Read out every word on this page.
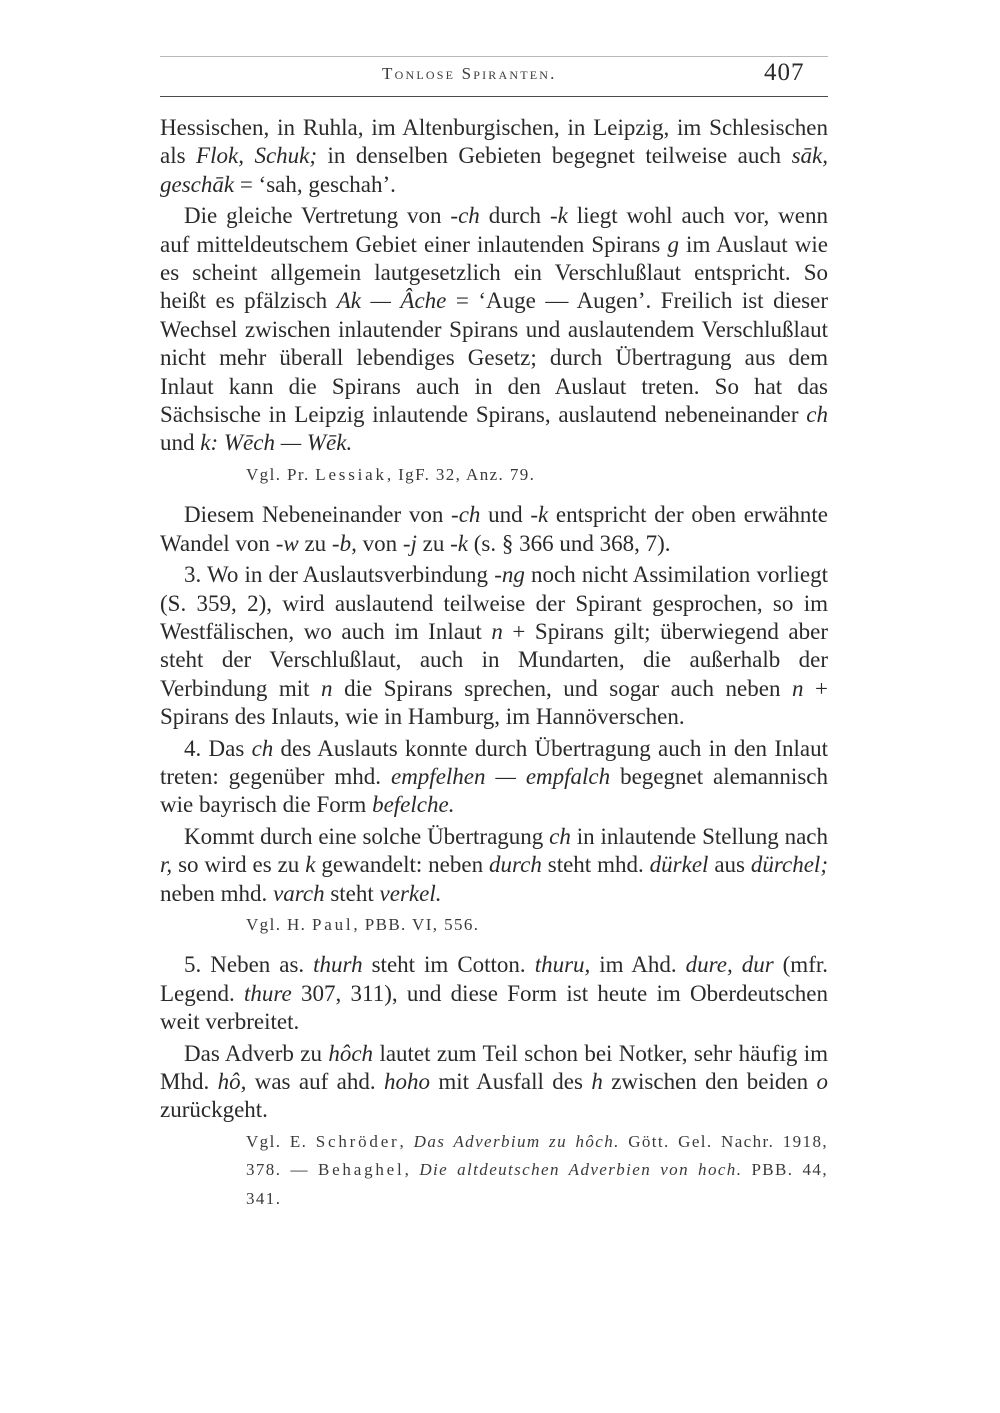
Tonlose Spiranten.	407

Hessischen, in Ruhla, im Altenburgischen, in Leipzig, im Schlesischen als Flok, Schuk; in denselben Gebieten begegnet teilweise auch sāk, geschāk = ‘sah, geschah’.

Die gleiche Vertretung von -ch durch -k liegt wohl auch vor, wenn auf mitteldeutschem Gebiet einer inlautenden Spirans g im Auslaut wie es scheint allgemein lautgesetzlich ein Verschlußlaut entspricht. So heißt es pfälzisch Ak — Âche = ‘Auge — Augen’. Freilich ist dieser Wechsel zwischen inlautender Spirans und auslautendem Verschlußlaut nicht mehr überall lebendiges Gesetz; durch Übertragung aus dem Inlaut kann die Spirans auch in den Auslaut treten. So hat das Sächsische in Leipzig inlautende Spirans, auslautend nebeneinander ch und k: Wēch — Wēk.

Vgl. Pr. Lessiak, IgF. 32, Anz. 79.

Diesem Nebeneinander von -ch und -k entspricht der oben erwähnte Wandel von -w zu -b, von -j zu -k (s. § 366 und 368, 7).

3. Wo in der Auslautsverbindung -ng noch nicht Assimilation vorliegt (S. 359, 2), wird auslautend teilweise der Spirant gesprochen, so im Westfälischen, wo auch im Inlaut n + Spirans gilt; überwiegend aber steht der Verschlußlaut, auch in Mundarten, die außerhalb der Verbindung mit n die Spirans sprechen, und sogar auch neben n + Spirans des Inlauts, wie in Hamburg, im Hannöverschen.

4. Das ch des Auslauts konnte durch Übertragung auch in den Inlaut treten: gegenüber mhd. empfelhen — empfalch begegnet alemannisch wie bayrisch die Form befelche.

Kommt durch eine solche Übertragung ch in inlautende Stellung nach r, so wird es zu k gewandelt: neben durch steht mhd. dürkel aus dürchel; neben mhd. varch steht verkel.

Vgl. H. Paul, PBB. VI, 556.

5. Neben as. thurh steht im Cotton. thuru, im Ahd. dure, dur (mfr. Legend. thure 307, 311), und diese Form ist heute im Oberdeutschen weit verbreitet.

Das Adverb zu hôch lautet zum Teil schon bei Notker, sehr häufig im Mhd. hô, was auf ahd. hoho mit Ausfall des h zwischen den beiden o zurückgeht.

Vgl. E. Schröder, Das Adverbium zu hôch. Gött. Gel. Nachr. 1918, 378. — Behaghel, Die altdeutschen Adverbien von hoch. PBB. 44, 341.
